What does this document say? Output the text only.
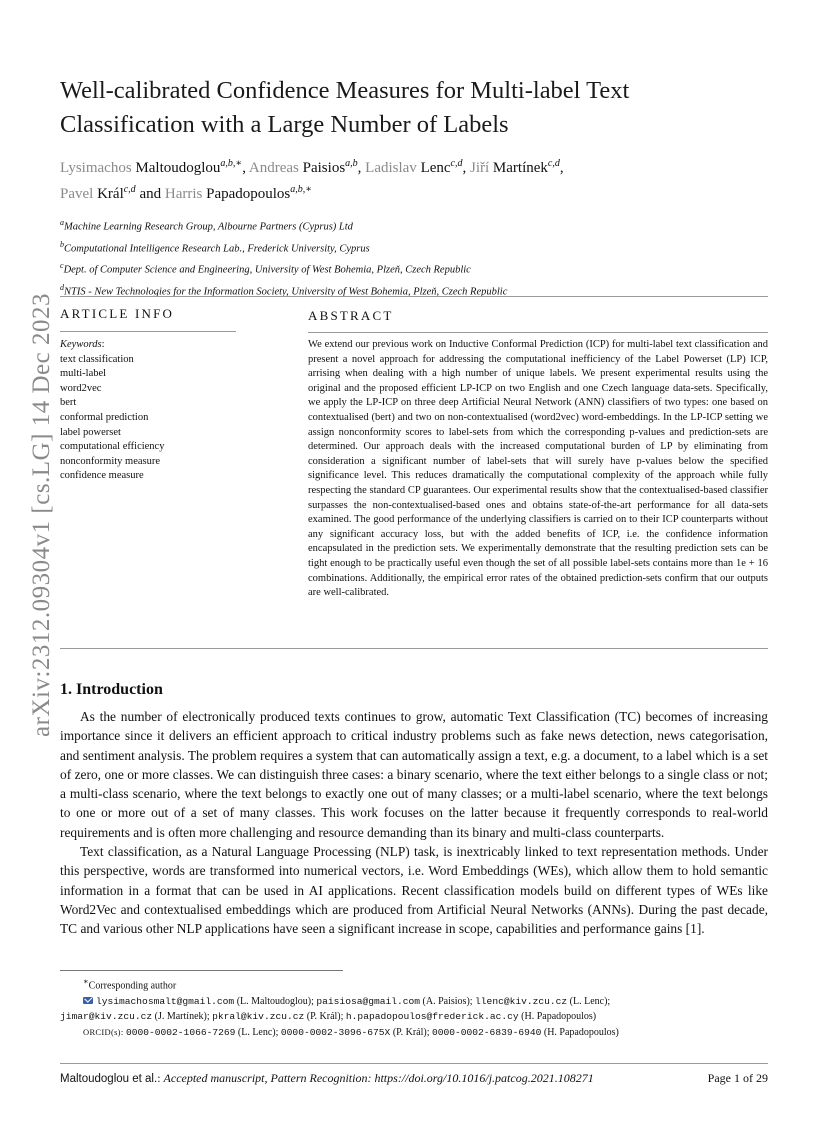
arXiv:2312.09304v1 [cs.LG] 14 Dec 2023
Well-calibrated Confidence Measures for Multi-label Text Classification with a Large Number of Labels
Lysimachos Maltoudoglou$^{a,b,∗}$, Andreas Paisios$^{a,b}$, Ladislav Lenc$^{c,d}$, Jiří Martínek$^{c,d}$,
Pavel Král$^{c,d}$ and Harris Papadopoulos$^{a,b,∗}$
$^a$Machine Learning Research Group, Albourne Partners (Cyprus) Ltd
$^b$Computational Intelligence Research Lab., Frederick University, Cyprus
$^c$Dept. of Computer Science and Engineering, University of West Bohemia, Plzeň, Czech Republic
$^d$NTIS - New Technologies for the Information Society, University of West Bohemia, Plzeň, Czech Republic
ARTICLE INFO	ABSTRACT
Keywords:
text classification
multi-label
word2vec
bert
conformal prediction
label powerset
computational efficiency
nonconformity measure
confidence measure
We extend our previous work on Inductive Conformal Prediction (ICP) for multi-label text classification and present a novel approach for addressing the computational inefficiency of the Label Powerset (LP) ICP, arrising when dealing with a high number of unique labels. We present experimental results using the original and the proposed efficient LP-ICP on two English and one Czech language data-sets. Specifically, we apply the LP-ICP on three deep Artificial Neural Network (ANN) classifiers of two types: one based on contextualised (bert) and two on non-contextualised (word2vec) word-embeddings. In the LP-ICP setting we assign nonconformity scores to label-sets from which the corresponding p-values and prediction-sets are determined. Our approach deals with the increased computational burden of LP by eliminating from consideration a significant number of label-sets that will surely have p-values below the specified significance level. This reduces dramatically the computational complexity of the approach while fully respecting the standard CP guarantees. Our experimental results show that the contextualised-based classifier surpasses the non-contextualised-based ones and obtains state-of-the-art performance for all data-sets examined. The good performance of the underlying classifiers is carried on to their ICP counterparts without any significant accuracy loss, but with the added benefits of ICP, i.e. the confidence information encapsulated in the prediction sets. We experimentally demonstrate that the resulting prediction sets can be tight enough to be practically useful even though the set of all possible label-sets contains more than 1e + 16 combinations. Additionally, the empirical error rates of the obtained prediction-sets confirm that our outputs are well-calibrated.
1. Introduction

As the number of electronically produced texts continues to grow, automatic Text Classification (TC) becomes of increasing importance since it delivers an efficient approach to critical industry problems such as fake news detection, news categorisation, and sentiment analysis. The problem requires a system that can automatically assign a text, e.g. a document, to a label which is a set of zero, one or more classes. We can distinguish three cases: a binary scenario, where the text either belongs to a single class or not; a multi-class scenario, where the text belongs to exactly one out of many classes; or a multi-label scenario, where the text belongs to one or more out of a set of many classes. This work focuses on the latter because it frequently corresponds to real-world requirements and is often more challenging and resource demanding than its binary and multi-class counterparts.

Text classification, as a Natural Language Processing (NLP) task, is inextricably linked to text representation methods. Under this perspective, words are transformed into numerical vectors, i.e. Word Embeddings (WEs), which allow them to hold semantic information in a format that can be used in AI applications. Recent classification models build on different types of WEs like Word2Vec and contextualised embeddings which are produced from Artificial Neural Networks (ANNs). During the past decade, TC and various other NLP applications have seen a significant increase in scope, capabilities and performance gains [1].

∗Corresponding author
lysimachosmalt@gmail.com (L. Maltoudoglou); paisiosa@gmail.com (A. Paisios); llenc@kiv.zcu.cz (L. Lenc);
jimar@kiv.zcu.cz (J. Martínek); pkral@kiv.zcu.cz (P. Král); h.papadopoulos@frederick.ac.cy (H. Papadopoulos)
ORCID(s): 0000-0002-1066-7269 (L. Lenc); 0000-0002-3096-675X (P. Král); 0000-0002-6839-6940 (H. Papadopoulos)
Maltoudoglou et al.: Accepted manuscript, Pattern Recognition: https://doi.org/10.1016/j.patcog.2021.108271	Page 1 of 29
